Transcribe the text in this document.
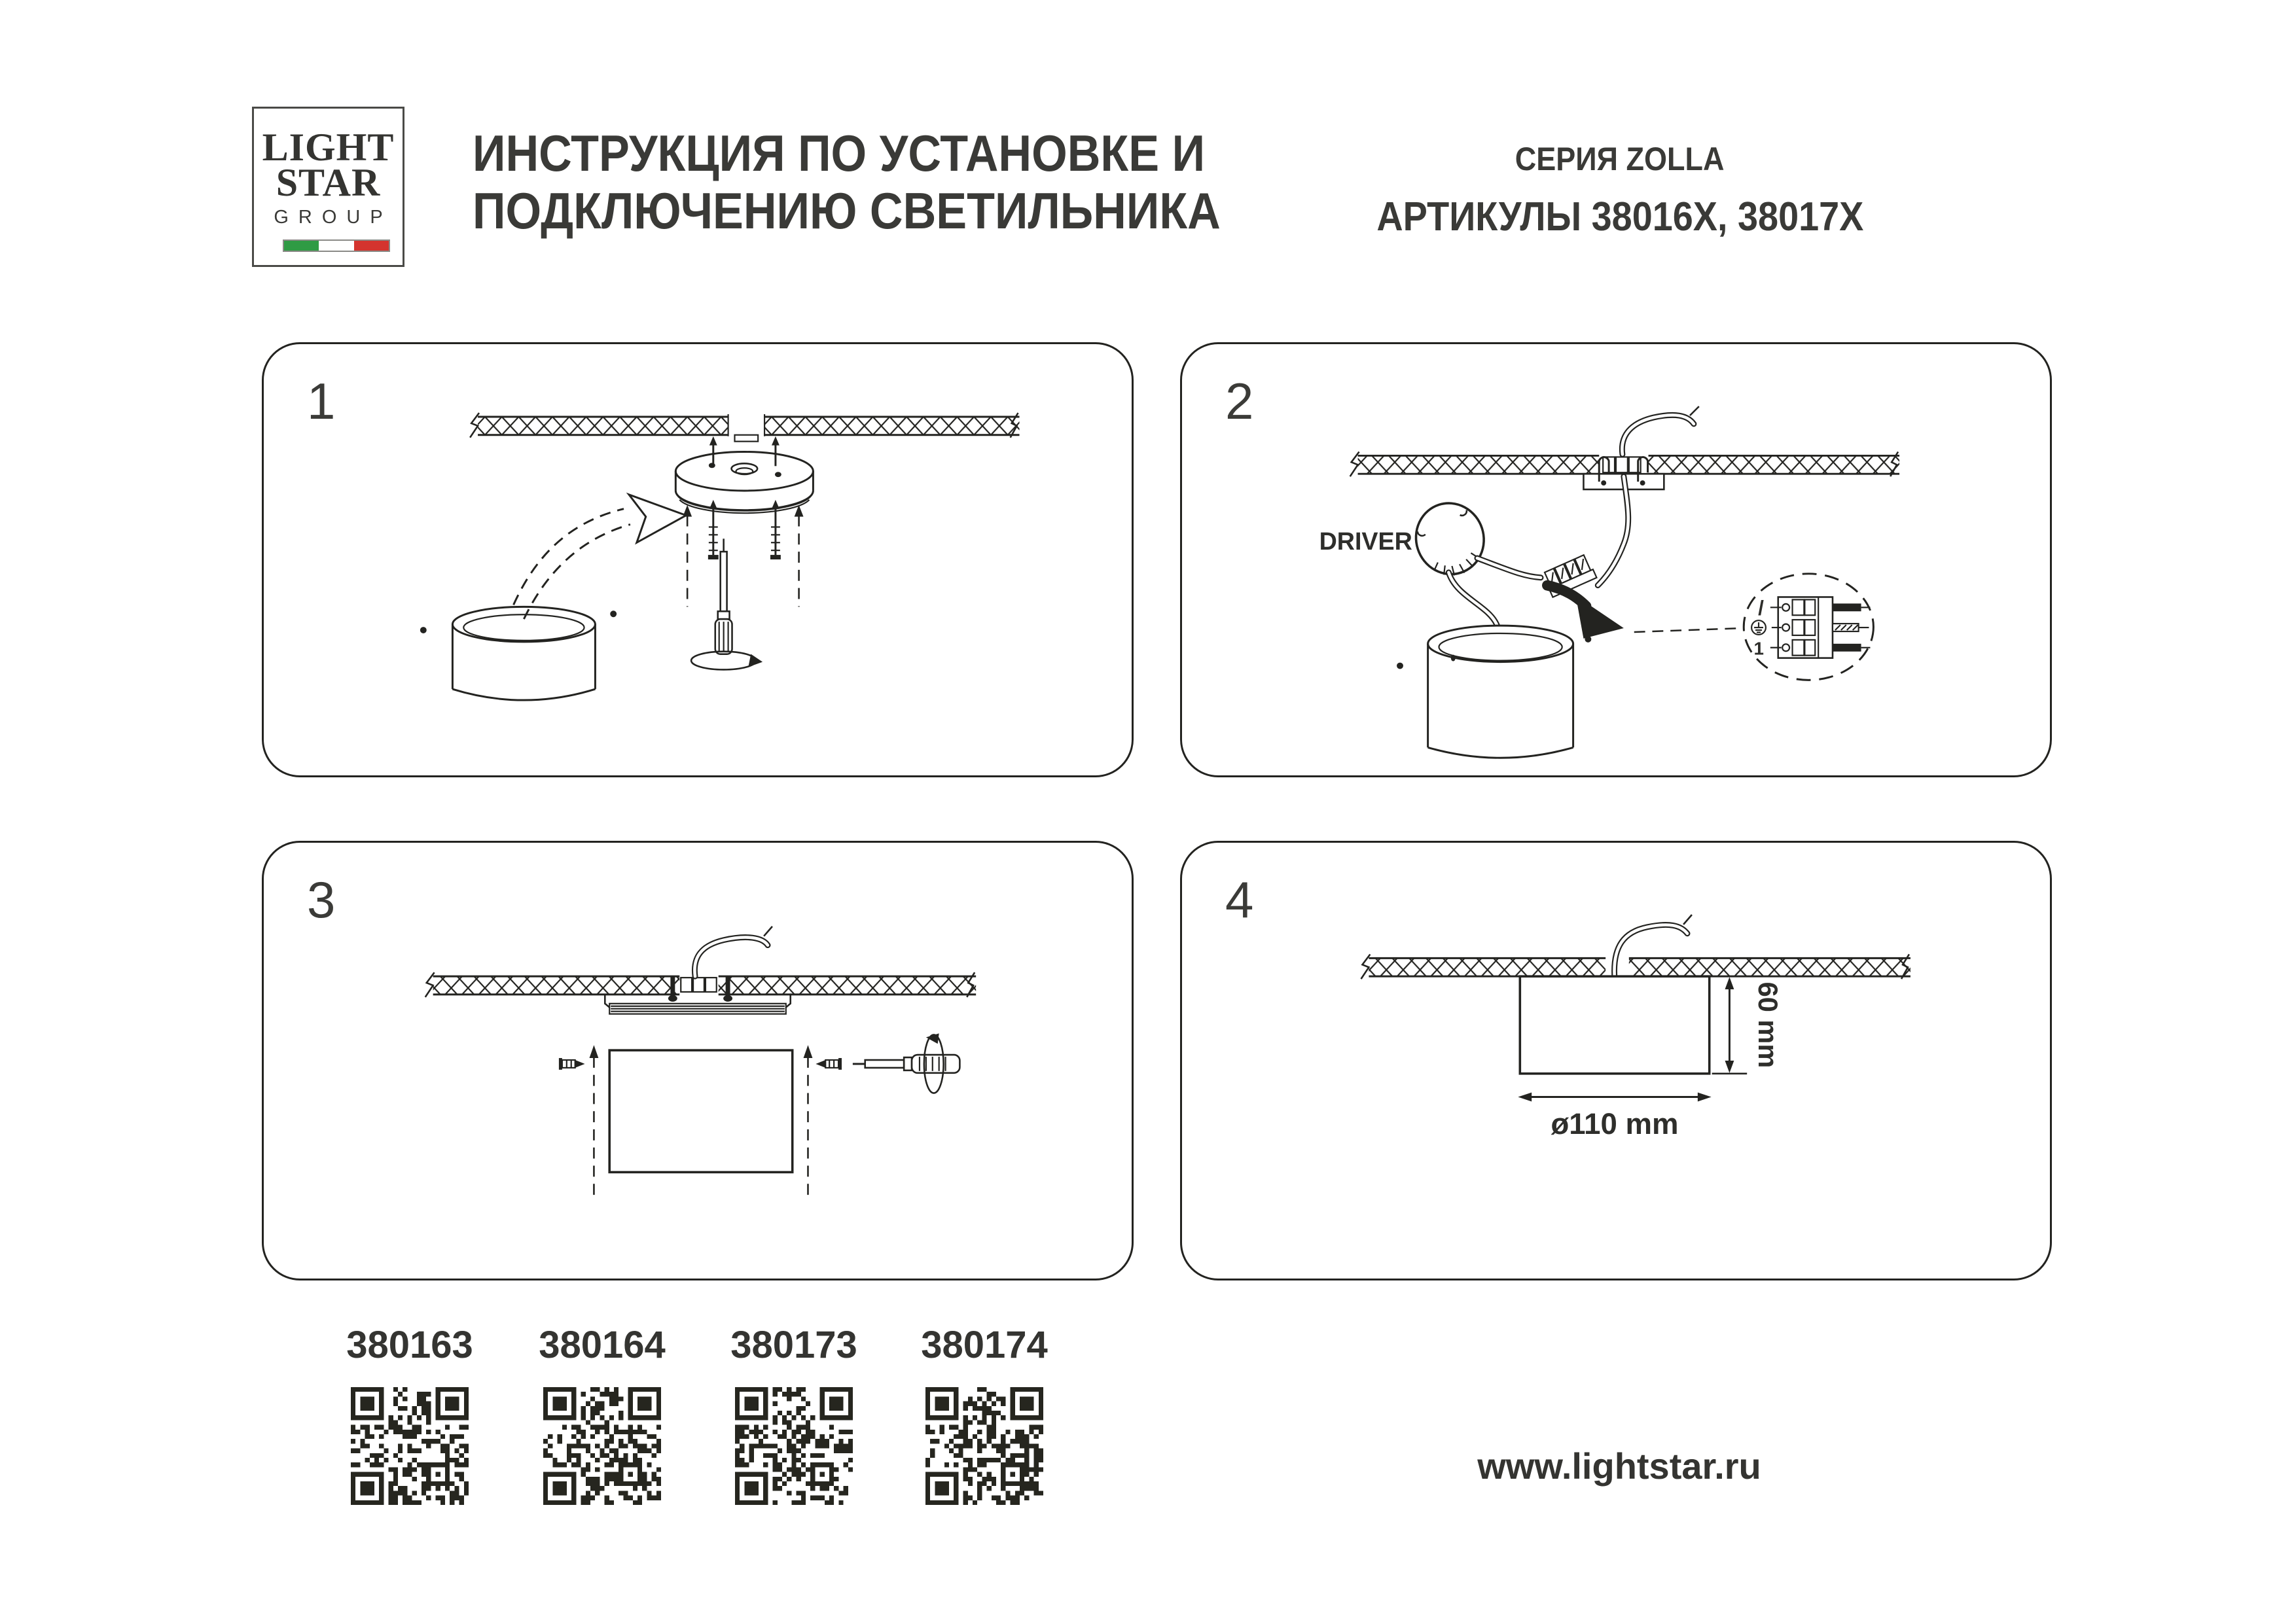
LIGHT
STAR
GROUP
ИНСТРУКЦИЯ ПО УСТАНОВКЕ И
ПОДКЛЮЧЕНИЮ СВЕТИЛЬНИКА
СЕРИЯ ZOLLA
АРТИКУЛЫ 38016X, 38017X
1	2
DRIVER
/
1
3	4
60 mm
ø110 mm
380163 380164 380173 380174
www.lightstar.ru
